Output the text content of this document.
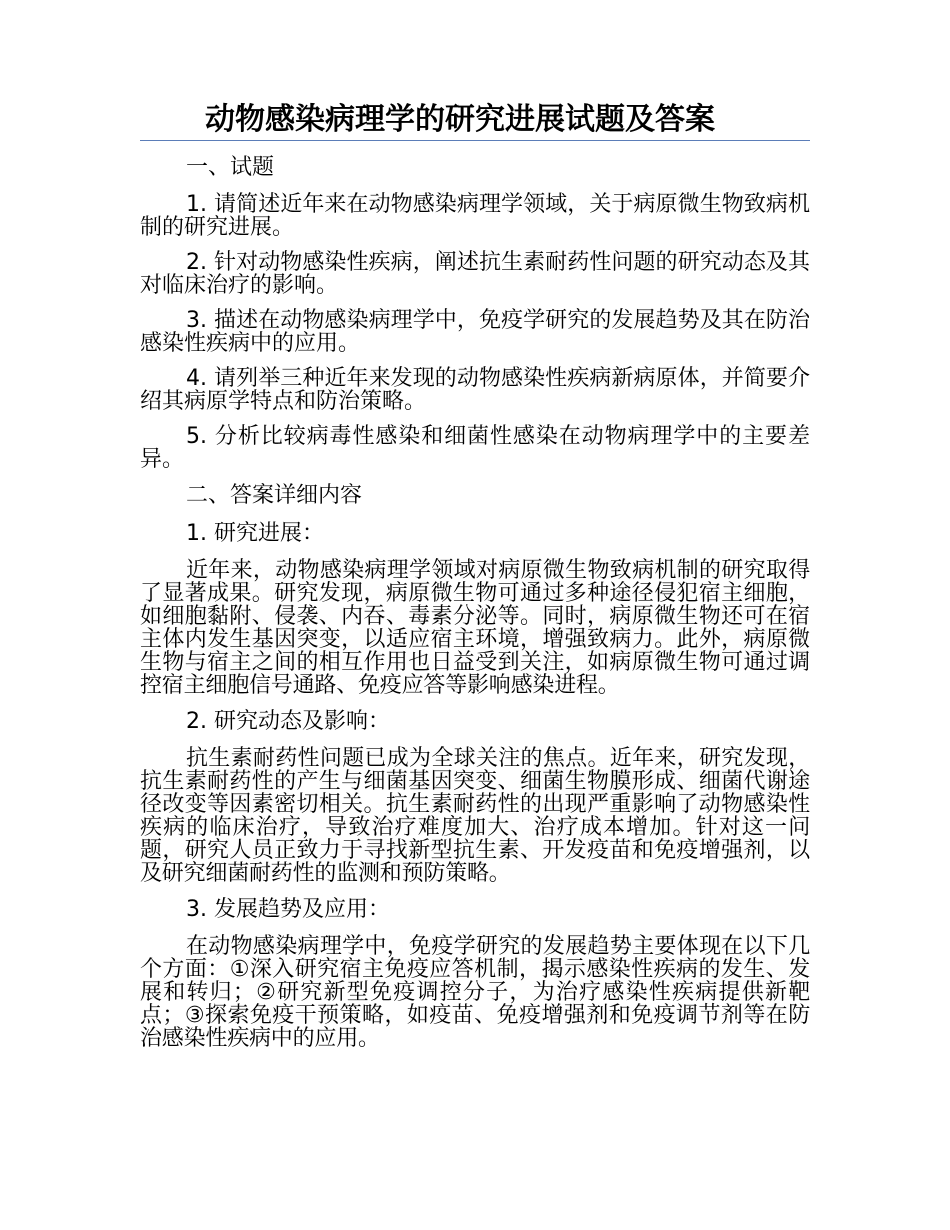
动物感染病理学的研究进展试题及答案

一、试题

1. 请简述近年来在动物感染病理学领域，关于病原微生物致病机制的研究进展。

2. 针对动物感染性疾病，阐述抗生素耐药性问题的研究动态及其对临床治疗的影响。

3. 描述在动物感染病理学中，免疫学研究的发展趋势及其在防治感染性疾病中的应用。

4. 请列举三种近年来发现的动物感染性疾病新病原体，并简要介绍其病原学特点和防治策略。

5. 分析比较病毒性感染和细菌性感染在动物病理学中的主要差异。

二、答案详细内容

1. 研究进展：

近年来，动物感染病理学领域对病原微生物致病机制的研究取得了显著成果。研究发现，病原微生物可通过多种途径侵犯宿主细胞，如细胞黏附、侵袭、内吞、毒素分泌等。同时，病原微生物还可在宿主体内发生基因突变，以适应宿主环境，增强致病力。此外，病原微生物与宿主之间的相互作用也日益受到关注，如病原微生物可通过调控宿主细胞信号通路、免疫应答等影响感染进程。

2. 研究动态及影响：

抗生素耐药性问题已成为全球关注的焦点。近年来，研究发现，抗生素耐药性的产生与细菌基因突变、细菌生物膜形成、细菌代谢途径改变等因素密切相关。抗生素耐药性的出现严重影响了动物感染性疾病的临床治疗，导致治疗难度加大、治疗成本增加。针对这一问题，研究人员正致力于寻找新型抗生素、开发疫苗和免疫增强剂，以及研究细菌耐药性的监测和预防策略。

3. 发展趋势及应用：

在动物感染病理学中，免疫学研究的发展趋势主要体现在以下几个方面：①深入研究宿主免疫应答机制，揭示感染性疾病的发生、发展和转归；②研究新型免疫调控分子，为治疗感染性疾病提供新靶点；③探索免疫干预策略，如疫苗、免疫增强剂和免疫调节剂等在防治感染性疾病中的应用。
